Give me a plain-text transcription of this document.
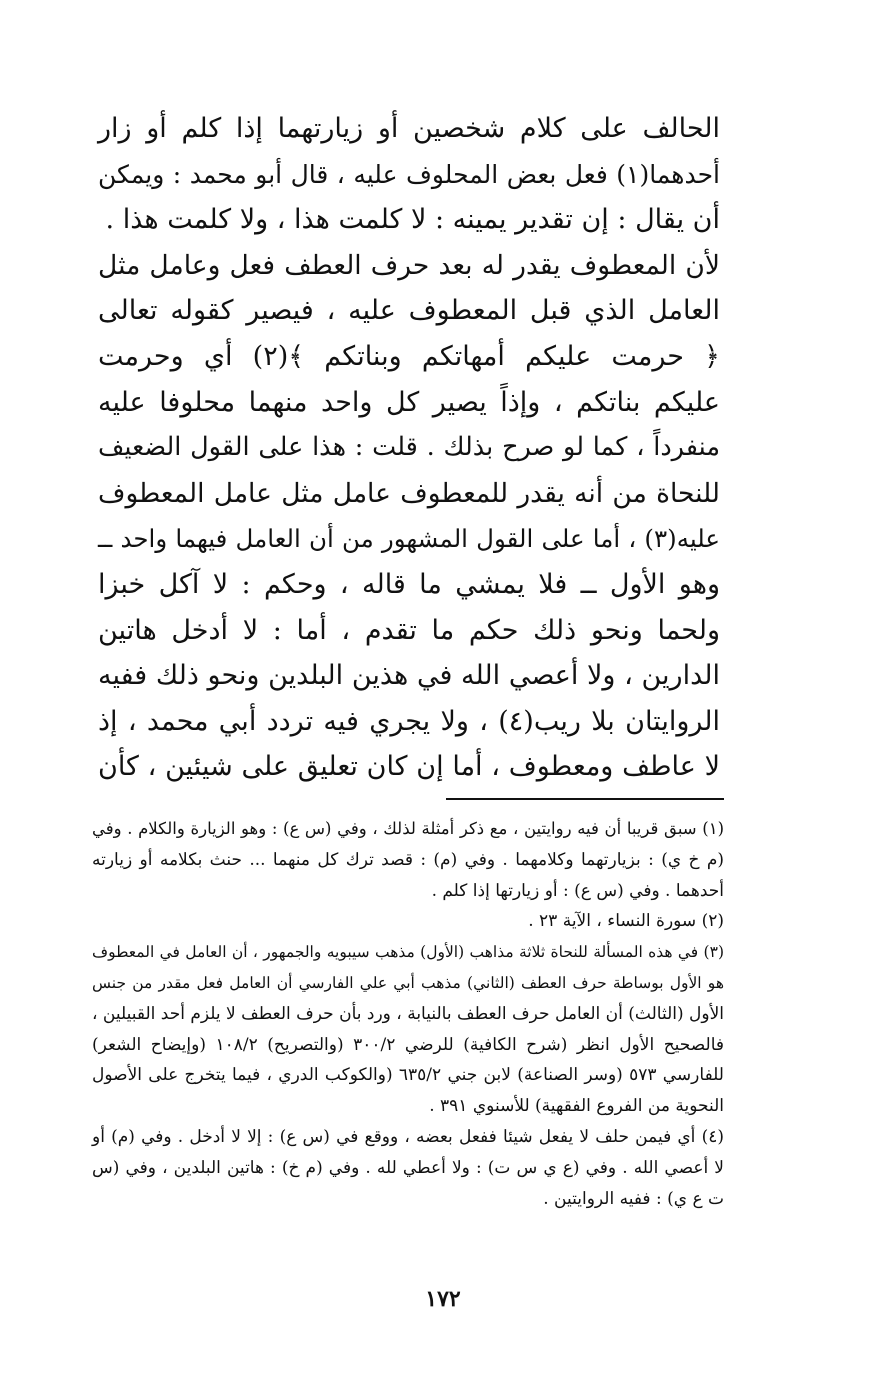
الحالف على كلام شخصين أو زيارتهما إذا كلم أو زار
أحدهما(١) فعل بعض المحلوف عليه ، قال أبو محمد : ويمكن
أن يقال : إن تقدير يمينه : لا كلمت هذا ، ولا كلمت هذا .
لأن المعطوف يقدر له بعد حرف العطف فعل وعامل مثل
العامل الذي قبل المعطوف عليه ، فيصير كقوله تعالى
﴿ حرمت عليكم أمهاتكم وبناتكم ﴾(٢) أي وحرمت
عليكم بناتكم ، وإذاً يصير كل واحد منهما محلوفا عليه
منفرداً ، كما لو صرح بذلك . قلت : هذا على القول الضعيف
للنحاة من أنه يقدر للمعطوف عامل مثل عامل المعطوف
عليه(٣) ، أما على القول المشهور من أن العامل فيهما واحد ــ
وهو الأول ــ فلا يمشي ما قاله ، وحكم : لا آكل خبزا
ولحما ونحو ذلك حكم ما تقدم ، أما : لا أدخل هاتين
الدارين ، ولا أعصي الله في هذين البلدين ونحو ذلك ففيه
الروايتان بلا ريب(٤) ، ولا يجري فيه تردد أبي محمد ، إذ
لا عاطف ومعطوف ، أما إن كان تعليق على شيئين ، كأن
(١) سبق قريبا أن فيه روايتين ، مع ذكر أمثلة لذلك ، وفي (س ع) : وهو الزيارة والكلام . وفي
(م خ ي) : بزيارتهما وكلامهما . وفي (م) : قصد ترك كل منهما ... حنث بكلامه أو زيارته
أحدهما . وفي (س ع) : أو زيارتها إذا كلم .
(٢) سورة النساء ، الآية ٢٣ .
(٣) في هذه المسألة للنحاة ثلاثة مذاهب (الأول) مذهب سيبويه والجمهور ، أن العامل في المعطوف
هو الأول بوساطة حرف العطف (الثاني) مذهب أبي علي الفارسي أن العامل فعل مقدر من جنس
الأول (الثالث) أن العامل حرف العطف بالنيابة ، ورد بأن حرف العطف لا يلزم أحد القبيلين ،
فالصحيح الأول انظر (شرح الكافية) للرضي ٣٠٠/٢ (والتصريح) ١٠٨/٢ (وإيضاح الشعر)
للفارسي ٥٧٣ (وسر الصناعة) لابن جني ٦٣٥/٢ (والكوكب الدري ، فيما يتخرج على الأصول
النحوية من الفروع الفقهية) للأسنوي ٣٩١ .
(٤) أي فيمن حلف لا يفعل شيئا ففعل بعضه ، ووقع في (س ع) : إلا لا أدخل . وفي (م) أو
لا أعصي الله . وفي (ع ي س ت) : ولا أعطي لله . وفي (م خ) : هاتين البلدين ، وفي (س
ت ع ي) : ففيه الروايتين .
١٧٢
